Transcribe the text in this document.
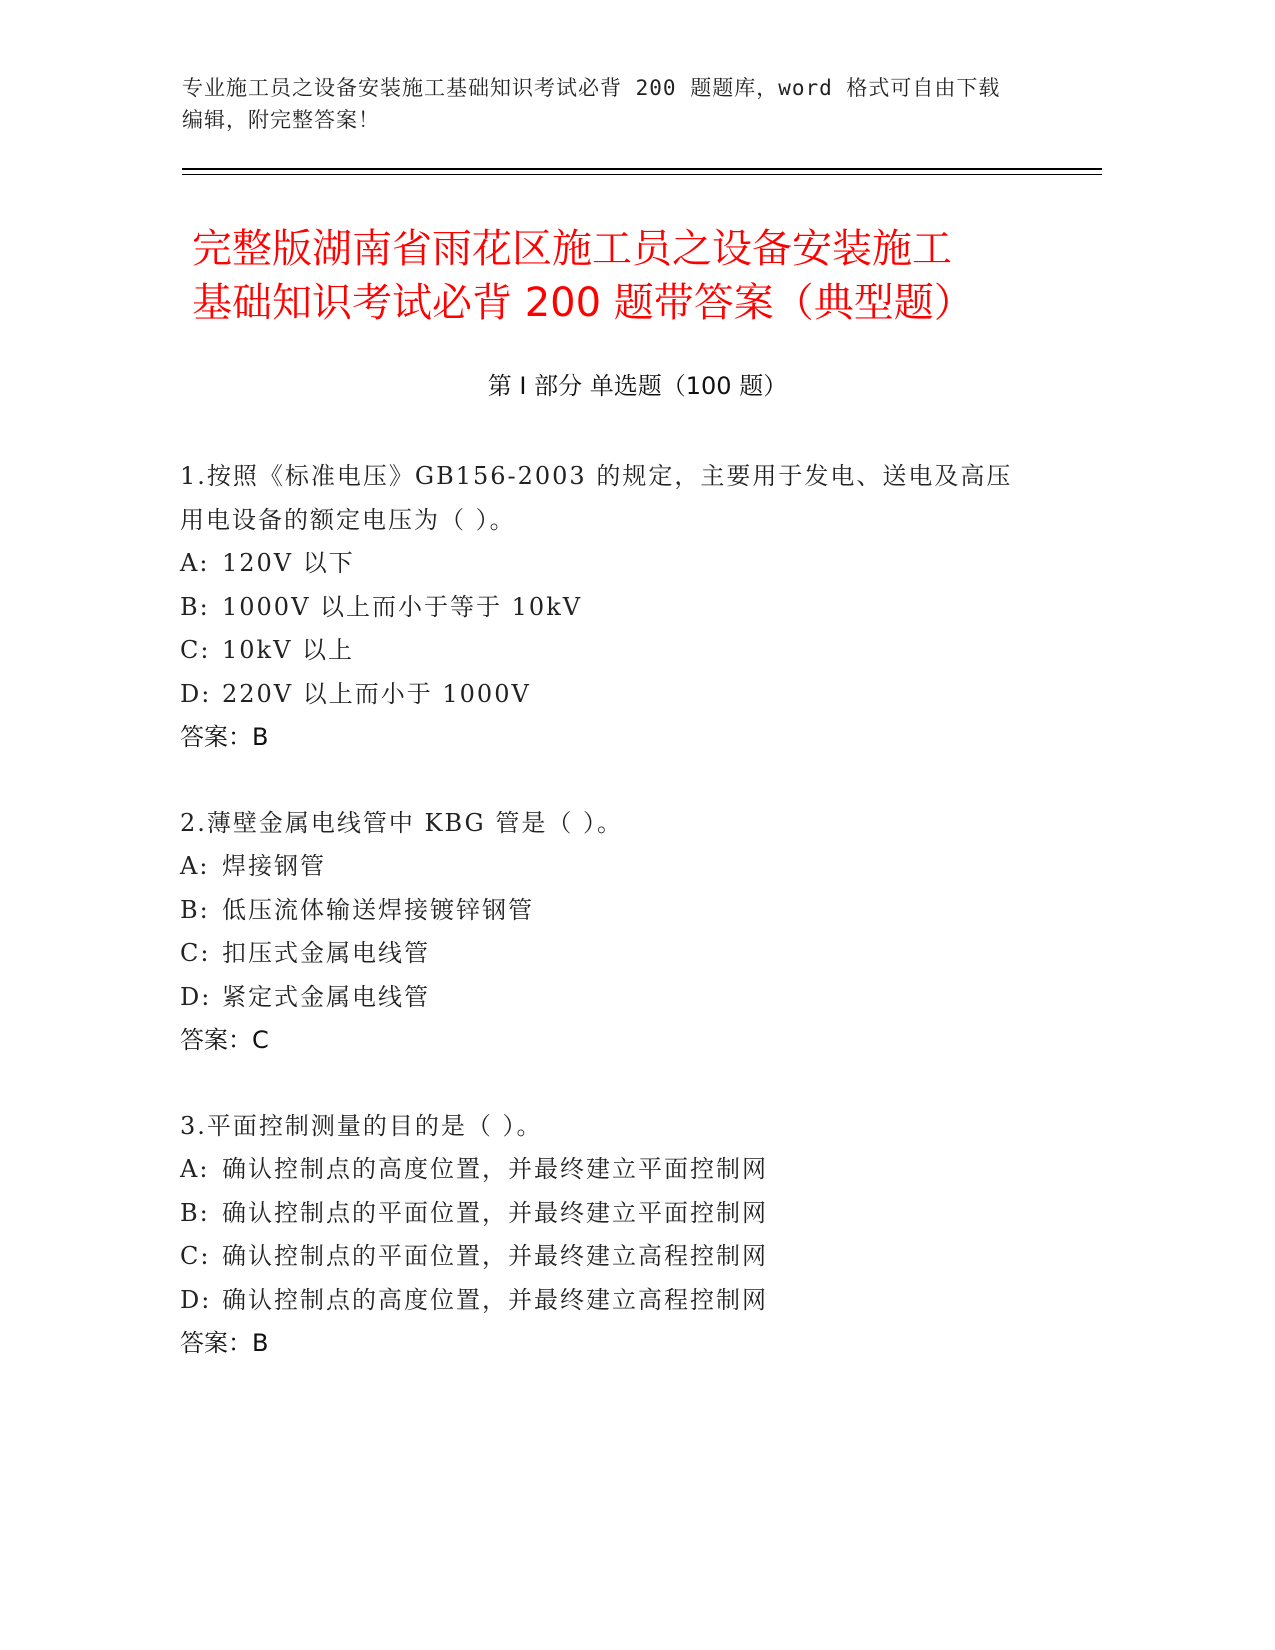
专业施工员之设备安装施工基础知识考试必背 200 题题库，word 格式可自由下载
编辑，附完整答案！
完整版湖南省雨花区施工员之设备安装施工
基础知识考试必背 200 题带答案（典型题）
第 I 部分 单选题（100 题）

1.按照《标准电压》GB156-2003 的规定，主要用于发电、送电及高压

用电设备的额定电压为（ ）。

A: 120V 以下

B: 1000V 以上而小于等于 10kV

C: 10kV 以上

D: 220V 以上而小于 1000V

答案：B

2.薄壁金属电线管中 KBG 管是（ ）。

A: 焊接钢管

B: 低压流体输送焊接镀锌钢管

C: 扣压式金属电线管

D: 紧定式金属电线管

答案：C

3.平面控制测量的目的是（ ）。

A: 确认控制点的高度位置，并最终建立平面控制网

B: 确认控制点的平面位置，并最终建立平面控制网

C: 确认控制点的平面位置，并最终建立高程控制网

D: 确认控制点的高度位置，并最终建立高程控制网

答案：B
